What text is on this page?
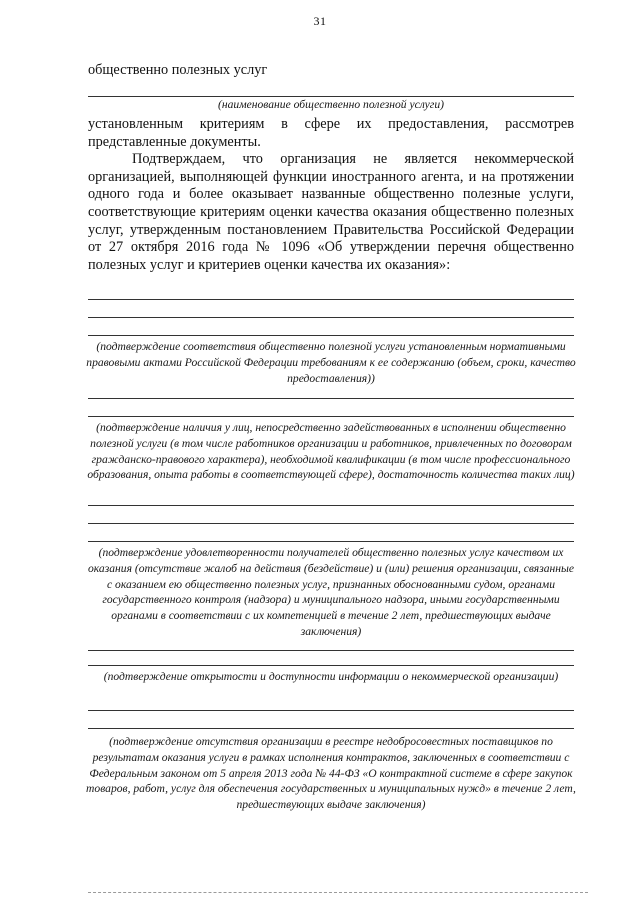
31

общественно полезных услуг

(наименование общественно полезной услуги)

установленным критериям в сфере их предоставления, рассмотрев представленные документы.

Подтверждаем, что организация не является некоммерческой организацией, выполняющей функции иностранного агента, и на протяжении одного года и более оказывает названные общественно полезные услуги, соответствующие критериям оценки качества оказания общественно полезных услуг, утвержденным постановлением Правительства Российской Федерации от 27 октября 2016 года № 1096 «Об утверждении перечня общественно полезных услуг и критериев оценки качества их оказания»:

(подтверждение соответствия общественно полезной услуги установленным нормативными правовыми актами Российской Федерации требованиям к ее содержанию (объем, сроки, качество предоставления))
(подтверждение наличия у лиц, непосредственно задействованных в исполнении общественно полезной услуги (в том числе работников организации и работников, привлеченных по договорам гражданско-правового характера), необходимой квалификации (в том числе профессионального образования, опыта работы в соответствующей сфере), достаточность количества таких лиц)
(подтверждение удовлетворенности получателей общественно полезных услуг качеством их оказания (отсутствие жалоб на действия (бездействие) и (или) решения организации, связанные с оказанием ею общественно полезных услуг, признанных обоснованными судом, органами государственного контроля (надзора) и муниципального надзора, иными государственными органами в соответствии с их компетенцией в течение 2 лет, предшествующих выдаче заключения)
(подтверждение открытости и доступности информации о некоммерческой организации)
(подтверждение отсутствия организации в реестре недобросовестных поставщиков по результатам оказания услуги в рамках исполнения контрактов, заключенных в соответствии с Федеральным законом от 5 апреля 2013 года № 44-ФЗ «О контрактной системе в сфере закупок товаров, работ, услуг для обеспечения государственных и муниципальных нужд» в течение 2 лет, предшествующих выдаче заключения)
